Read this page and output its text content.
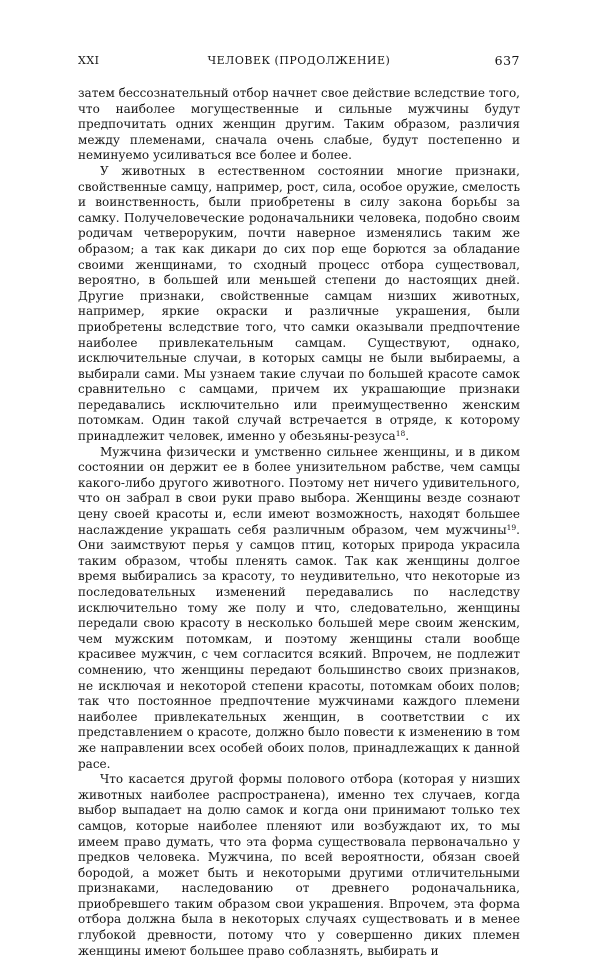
XXI	ЧЕЛОВЕК (ПРОДОЛЖЕНИЕ)	637

затем бессознательный отбор начнет свое действие вследствие того, что наиболее могущественные и сильные мужчины будут предпочитать одних женщин другим. Таким образом, различия между племенами, сначала очень слабые, будут постепенно и неминуемо усиливаться все более и более.

У животных в естественном состоянии многие признаки, свойственные самцу, например, рост, сила, особое оружие, смелость и воинственность, были приобретены в силу закона борьбы за самку. Получеловеческие родоначальники человека, подобно своим родичам четвероруким, почти наверное изменялись таким же образом; а так как дикари до сих пор еще борются за обладание своими женщинами, то сходный процесс отбора существовал, вероятно, в большей или меньшей степени до настоящих дней. Другие признаки, свойственные самцам низших животных, например, яркие окраски и различные украшения, были приобретены вследствие того, что самки оказывали предпочтение наиболее привлекательным самцам. Существуют, однако, исключительные случаи, в которых самцы не были выбираемы, а выбирали сами. Мы узнаем такие случаи по большей красоте самок сравнительно с самцами, причем их украшающие признаки передавались исключительно или преимущественно женским потомкам. Один такой случай встречается в отряде, к которому принадлежит человек, именно у обезьяны-резуса$^{18}$.

Мужчина физически и умственно сильнее женщины, и в диком состоянии он держит ее в более унизительном рабстве, чем самцы какого-либо другого животного. Поэтому нет ничего удивительного, что он забрал в свои руки право выбора. Женщины везде сознают цену своей красоты и, если имеют возможность, находят большее наслаждение украшать себя различным образом, чем мужчины$^{19}$. Они заимствуют перья у самцов птиц, которых природа украсила таким образом, чтобы пленять самок. Так как женщины долгое время выбирались за красоту, то неудивительно, что некоторые из последовательных изменений передавались по наследству исключительно тому же полу и что, следовательно, женщины передали свою красоту в несколько большей мере своим женским, чем мужским потомкам, и поэтому женщины стали вообще красивее мужчин, с чем согласится всякий. Впрочем, не подлежит сомнению, что женщины передают большинство своих признаков, не исключая и некоторой степени красоты, потомкам обоих полов; так что постоянное предпочтение мужчинами каждого племени наиболее привлекательных женщин, в соответствии с их представлением о красоте, должно было повести к изменению в том же направлении всех особей обоих полов, принадлежащих к данной расе.

Что касается другой формы полового отбора (которая у низших животных наиболее распространена), именно тех случаев, когда выбор выпадает на долю самок и когда они принимают только тех самцов, которые наиболее пленяют или возбуждают их, то мы имеем право думать, что эта форма существовала первоначально у предков человека. Мужчина, по всей вероятности, обязан своей бородой, а может быть и некоторыми другими отличительными признаками, наследованию от древнего родоначальника, приобревшего таким образом свои украшения. Впрочем, эта форма отбора должна была в некоторых случаях существовать и в менее глубокой древности, потому что у совершенно диких племен женщины имеют большее право соблазнять, выбирать и
